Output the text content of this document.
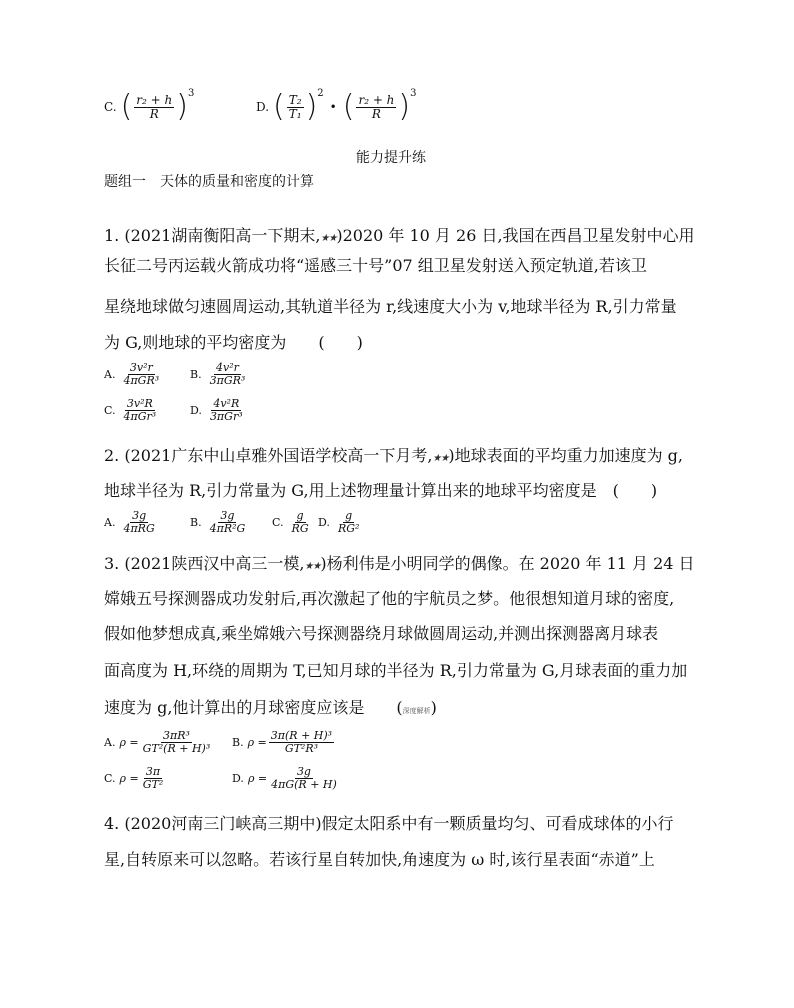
C. ( $\frac{\text{r₂ + h}}{R}$ ) 3
D. ( $\frac{\text{T₂}}{\text{T₁}}$ ) 2
• ( $\frac{\text{r₂ + h}}{R}$ ) 3
能力提升练
题组一　天体的质量和密度的计算
1. (2021湖南衡阳高一下期末,★★)2020 年 10 月 26 日,我国在西昌卫星发射中心用
长征二号丙运载火箭成功将“遥感三十号”07 组卫星发射送入预定轨道,若该卫
星绕地球做匀速圆周运动,其轨道半径为 r,线速度大小为 v,地球半径为 R,引力常量
为 G,则地球的平均密度为　　(　　)
A. $\frac{\text{3v²r}}{\text{4πGR³}}$	B. $\frac{\text{4v²r}}{\text{3πGR³}}$
C. $\frac{\text{3v²R}}{\text{4πGr³}}$	D. $\frac{\text{4v²R}}{\text{3πGr³}}$
2. (2021广东中山卓雅外国语学校高一下月考,★★)地球表面的平均重力加速度为 g,
地球半径为 R,引力常量为 G,用上述物理量计算出来的地球平均密度是　(　　)
A. $\frac{3g}{\text{4πRG}}$	B. $\frac{3g}{\text{4πR²G}} C$. $\frac{g}{RG} D$. $\frac{g}{\text{RG²}}$
3. (2021陕西汉中高三一模,★★)杨利伟是小明同学的偶像。在 2020 年 11 月 24 日
嫦娥五号探测器成功发射后,再次激起了他的宇航员之梦。他很想知道月球的密度,
假如他梦想成真,乘坐嫦娥六号探测器绕月球做圆周运动,并测出探测器离月球表
面高度为 H,环绕的周期为 T,已知月球的半径为 R,引力常量为 G,月球表面的重力加
速度为 g,他计算出的月球密度应该是　　(深度解析)
A. $\rho = \frac{\text{3πR³}}{\text{GT²(R + H)³}} B$. $\rho = \frac{\text{3π(R + H)³}}{\text{GT²R³}}$
C. $\rho = \frac{3\pi}{\text{GT²}}$	D. $\rho = \frac{3g}{4\pi G(R + H)}$
4. (2020河南三门峡高三期中)假定太阳系中有一颗质量均匀、可看成球体的小行
星,自转原来可以忽略。若该行星自转加快,角速度为 ω 时,该行星表面“赤道”上
